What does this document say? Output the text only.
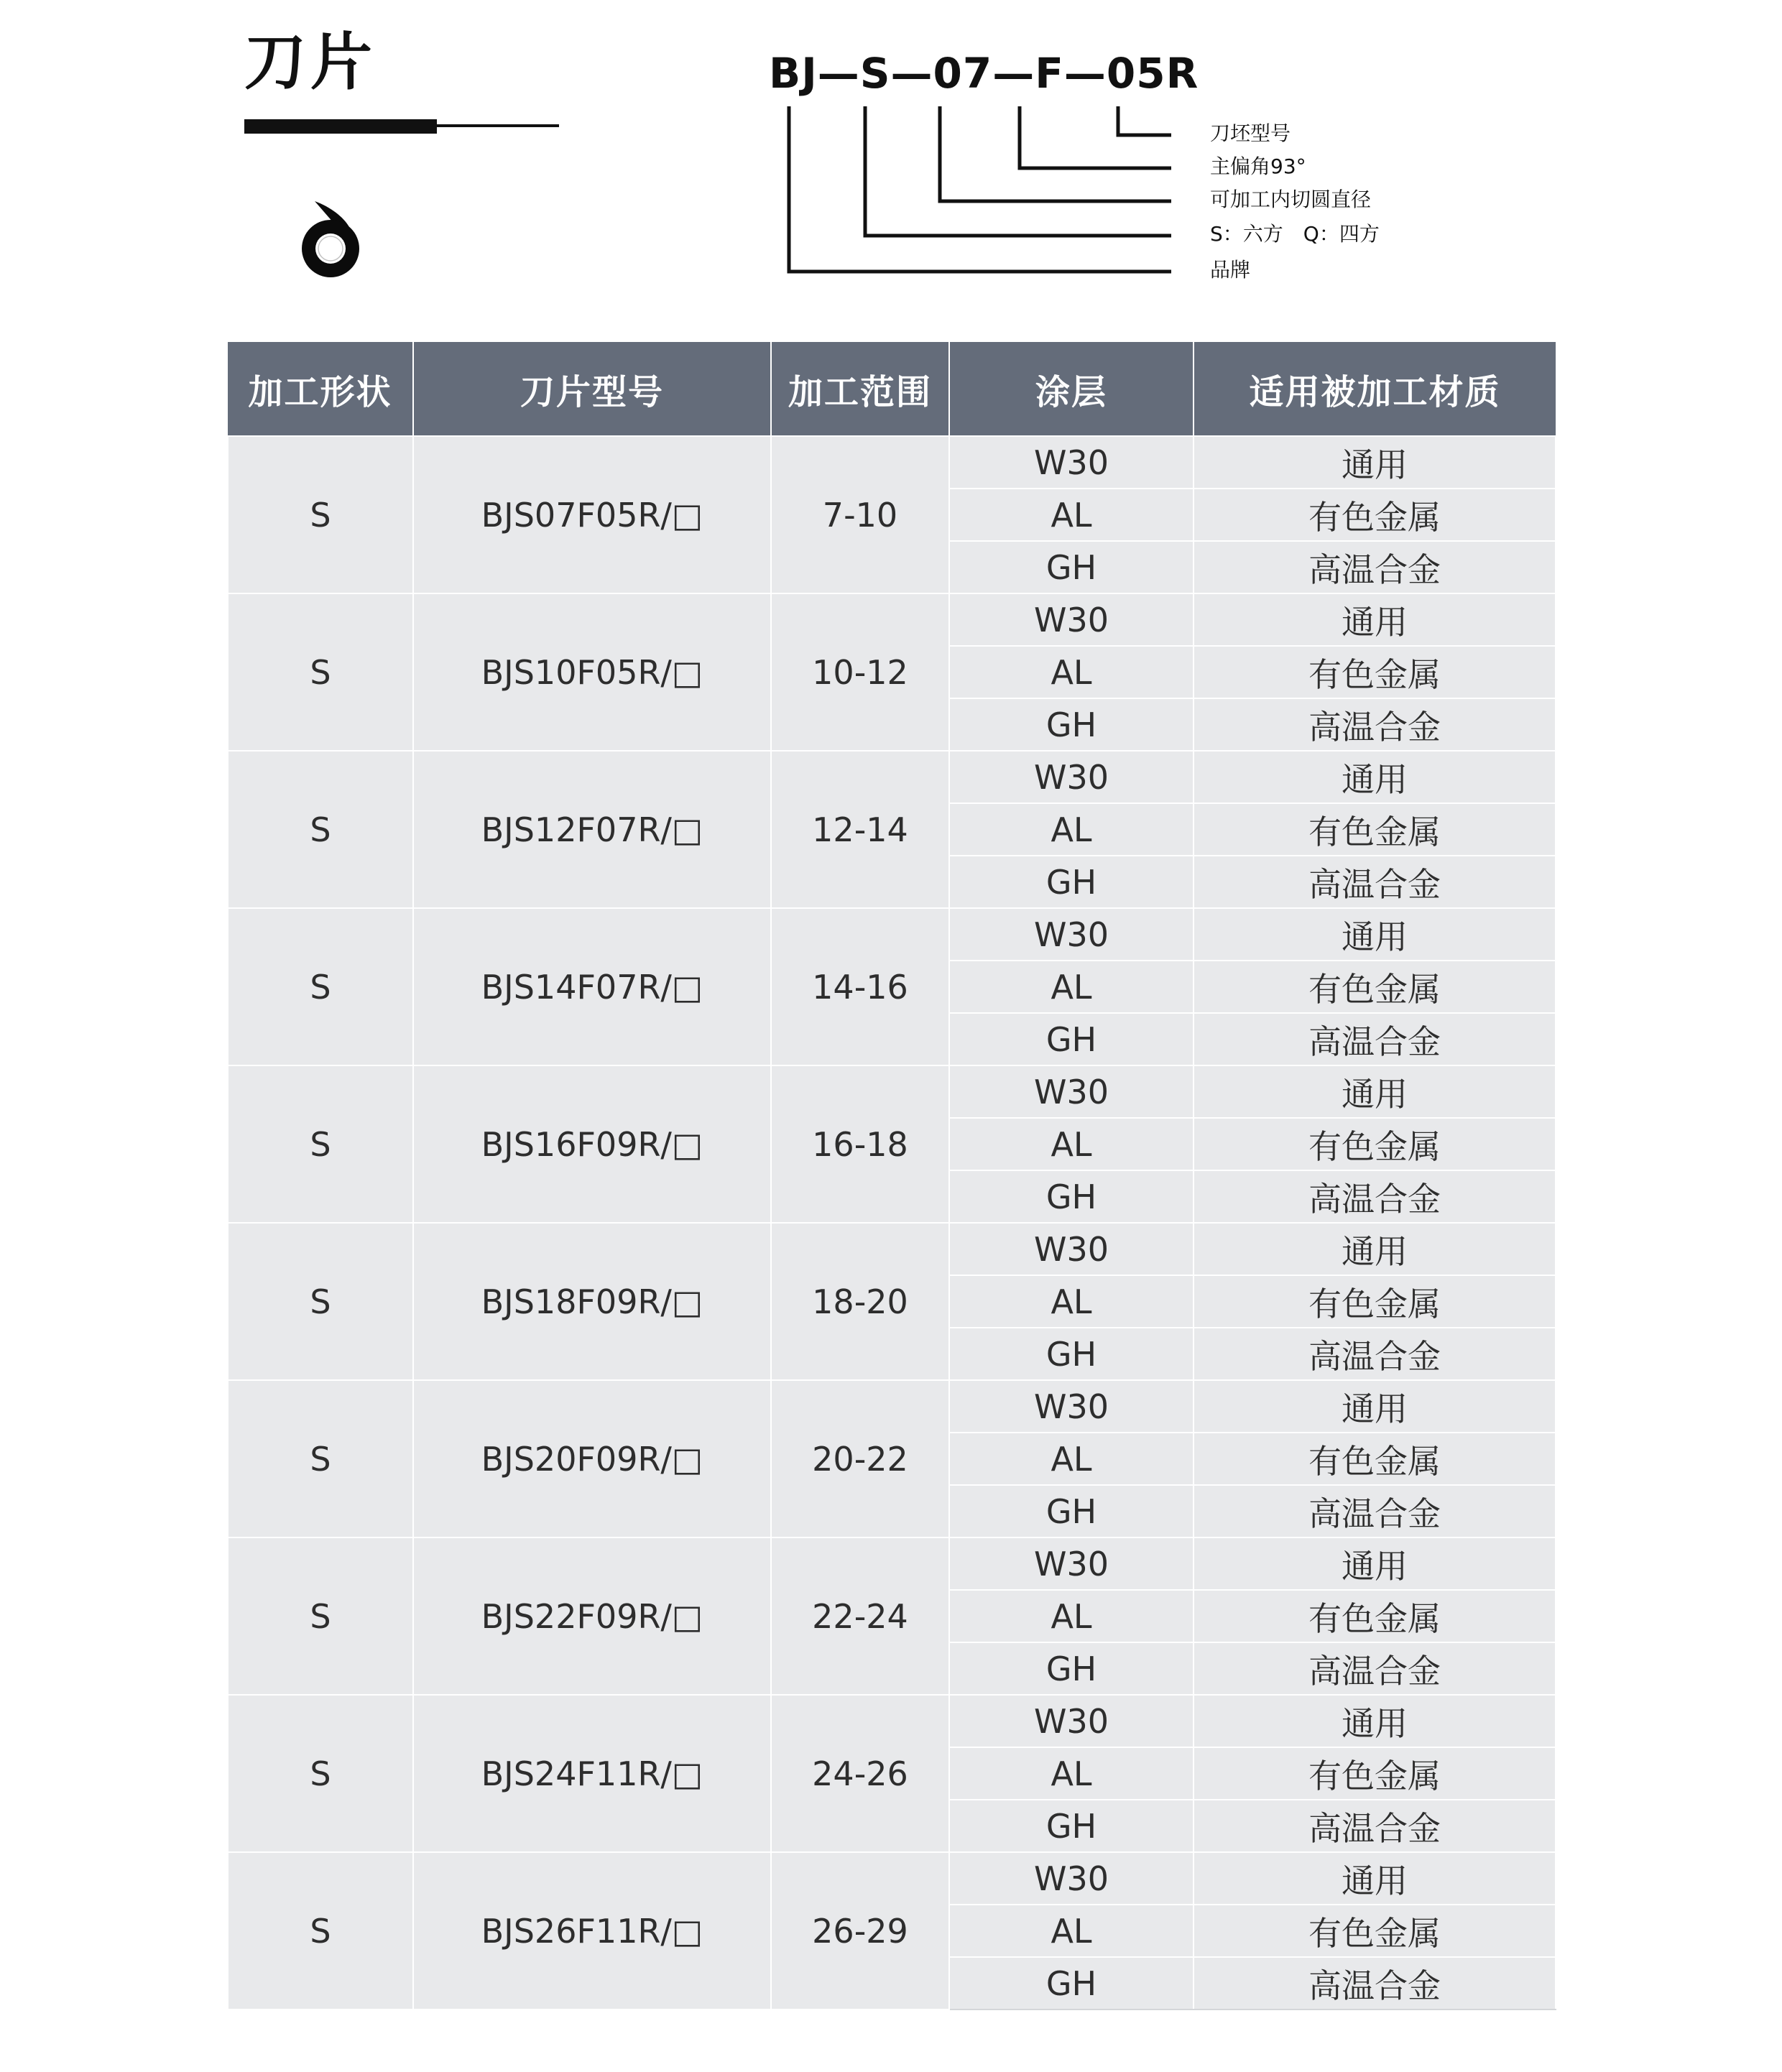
刀片	BJ—S—07—F—05R
刀坯型号
主偏角93°
可加工内切圆直径
S：六方　Q：四方
品牌
加工形状	刀片型号	加工范围	涂层	适用被加工材质
S	BJS07F05R/□	7-10	W30	通用
			AL	有色金属
			GH	高温合金
S	BJS10F05R/□	10-12	W30	通用
			AL	有色金属
			GH	高温合金
S	BJS12F07R/□	12-14	W30	通用
			AL	有色金属
			GH	高温合金
S	BJS14F07R/□	14-16	W30	通用
			AL	有色金属
			GH	高温合金
S	BJS16F09R/□	16-18	W30	通用
			AL	有色金属
			GH	高温合金
S	BJS18F09R/□	18-20	W30	通用
			AL	有色金属
			GH	高温合金
S	BJS20F09R/□	20-22	W30	通用
			AL	有色金属
			GH	高温合金
S	BJS22F09R/□	22-24	W30	通用
			AL	有色金属
			GH	高温合金
S	BJS24F11R/□	24-26	W30	通用
			AL	有色金属
			GH	高温合金
S	BJS26F11R/□	26-29	W30	通用
			AL	有色金属
			GH	高温合金
